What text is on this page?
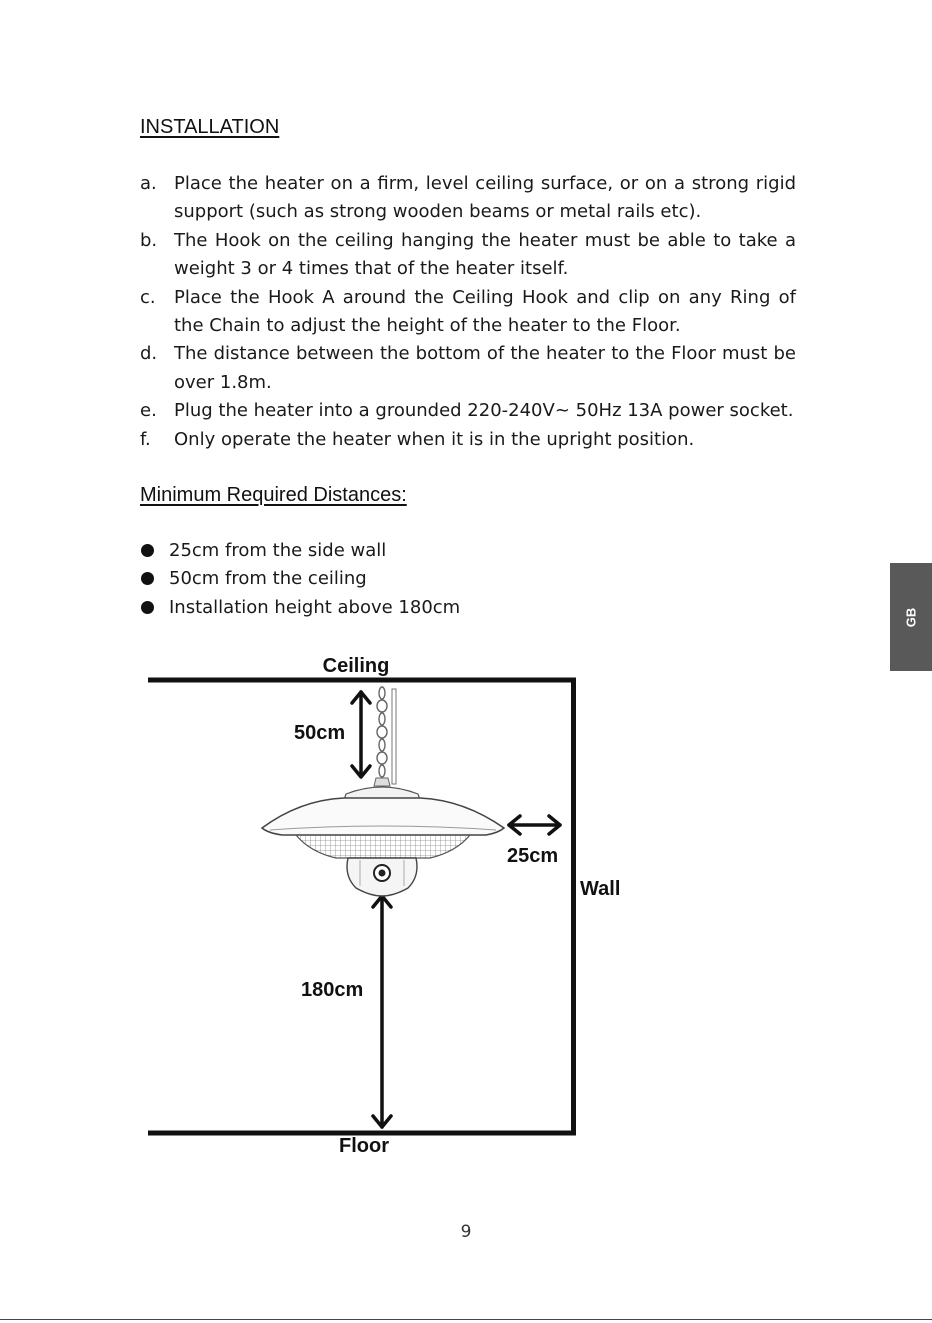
INSTALLATION
a. Place the heater on a firm, level ceiling surface, or on a strong rigid support (such as strong wooden beams or metal rails etc).
b. The Hook on the ceiling hanging the heater must be able to take a weight 3 or 4 times that of the heater itself.
c. Place the Hook A around the Ceiling Hook and clip on any Ring of the Chain to adjust the height of the heater to the Floor.
d. The distance between the bottom of the heater to the Floor must be over 1.8m.
e. Plug the heater into a grounded 220-240V~ 50Hz 13A power socket.
f. Only operate the heater when it is in the upright position.
Minimum Required Distances:
25cm from the side wall
50cm from the ceiling
Installation height above 180cm	GB
Ceiling
Floor
Wall
50cm
25cm
180cm
9
